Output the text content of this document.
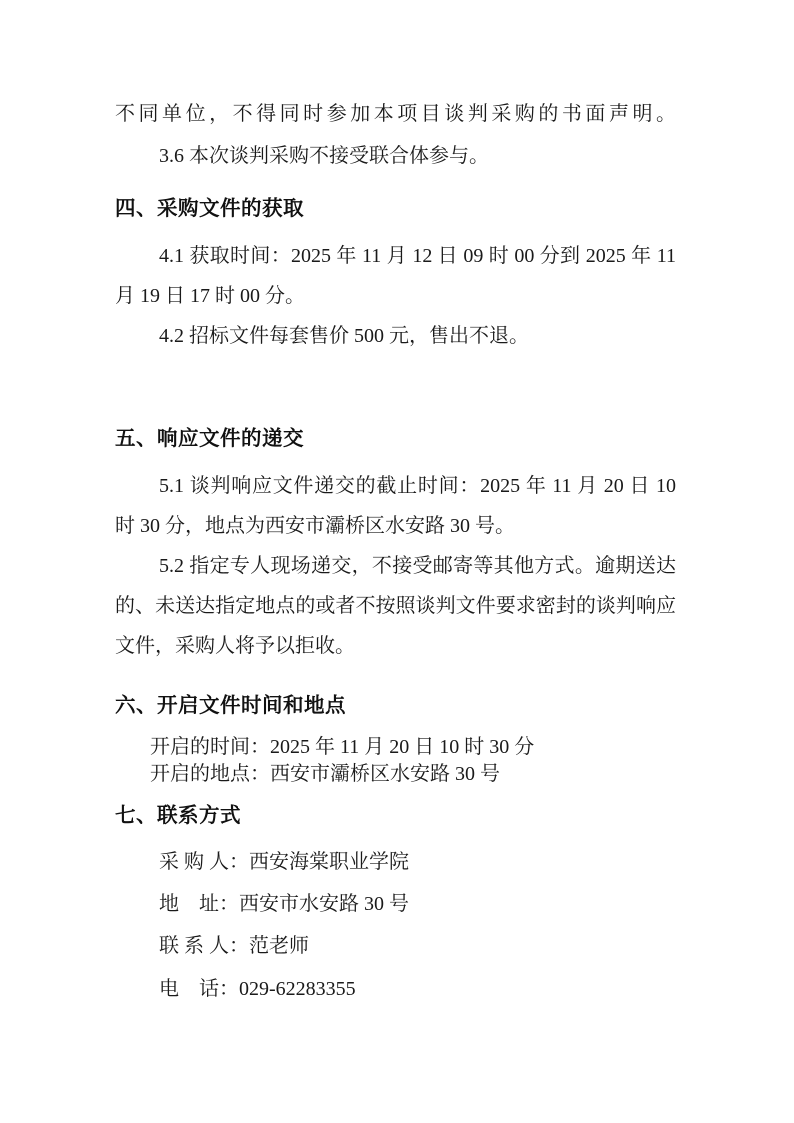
不同单位，不得同时参加本项目谈判采购的书面声明。
3.6 本次谈判采购不接受联合体参与。
四、采购文件的获取
4.1 获取时间：2025 年 11 月 12 日 09 时 00 分到 2025 年 11
月 19 日 17 时 00 分。
4.2 招标文件每套售价 500 元，售出不退。
五、响应文件的递交
5.1 谈判响应文件递交的截止时间：2025 年 11 月 20 日 10
时 30 分，地点为西安市灞桥区水安路 30 号。
5.2 指定专人现场递交，不接受邮寄等其他方式。逾期送达
的、未送达指定地点的或者不按照谈判文件要求密封的谈判响应
文件，采购人将予以拒收。
六、开启文件时间和地点
开启的时间：2025 年 11 月 20 日 10 时 30 分
开启的地点：西安市灞桥区水安路 30 号
七、联系方式
采 购 人：西安海棠职业学院
地　址：西安市水安路 30 号
联 系 人：范老师
电　话：029-62283355
